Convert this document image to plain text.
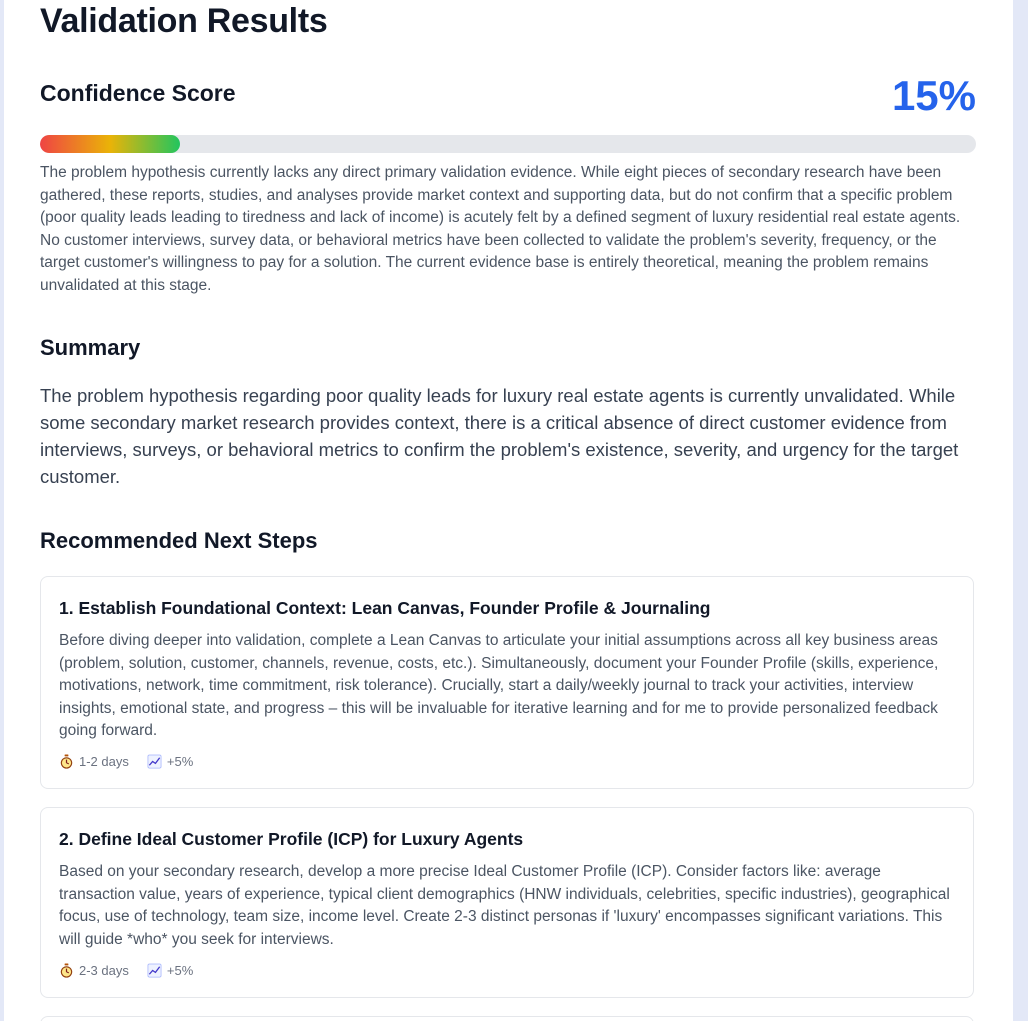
Validation Results
Confidence Score	15%

The problem hypothesis currently lacks any direct primary validation evidence. While eight pieces of secondary research have been gathered, these reports, studies, and analyses provide market context and supporting data, but do not confirm that a specific problem (poor quality leads leading to tiredness and lack of income) is acutely felt by a defined segment of luxury residential real estate agents. No customer interviews, survey data, or behavioral metrics have been collected to validate the problem's severity, frequency, or the target customer's willingness to pay for a solution. The current evidence base is entirely theoretical, meaning the problem remains unvalidated at this stage.

Summary

The problem hypothesis regarding poor quality leads for luxury real estate agents is currently unvalidated. While some secondary market research provides context, there is a critical absence of direct customer evidence from interviews, surveys, or behavioral metrics to confirm the problem's existence, severity, and urgency for the target customer.

Recommended Next Steps
1. Establish Foundational Context: Lean Canvas, Founder Profile & Journaling

Before diving deeper into validation, complete a Lean Canvas to articulate your initial assumptions across all key business areas (problem, solution, customer, channels, revenue, costs, etc.). Simultaneously, document your Founder Profile (skills, experience, motivations, network, time commitment, risk tolerance). Crucially, start a daily/weekly journal to track your activities, interview insights, emotional state, and progress – this will be invaluable for iterative learning and for me to provide personalized feedback going forward.

1-2 days	+5%
2. Define Ideal Customer Profile (ICP) for Luxury Agents

Based on your secondary research, develop a more precise Ideal Customer Profile (ICP). Consider factors like: average transaction value, years of experience, typical client demographics (HNW individuals, celebrities, specific industries), geographical focus, use of technology, team size, income level. Create 2-3 distinct personas if 'luxury' encompasses significant variations. This will guide *who* you seek for interviews.

2-3 days	+5%
